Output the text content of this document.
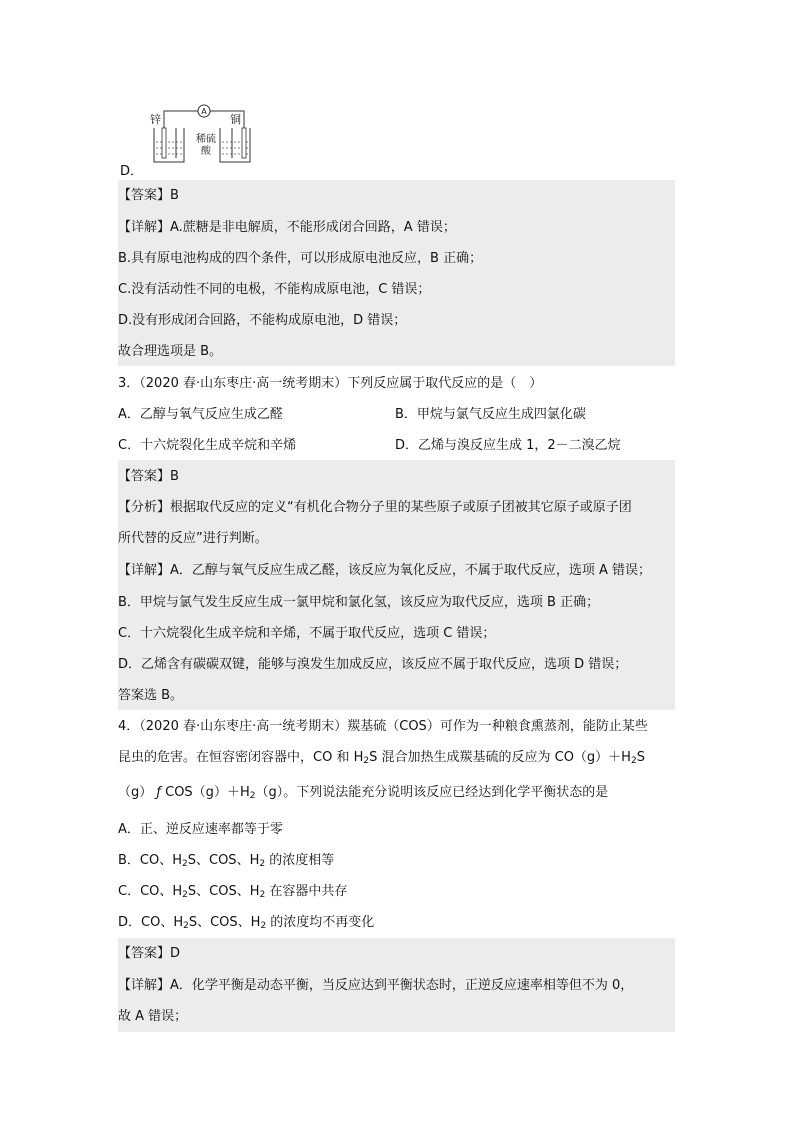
A
锌	铜
稀硫
酸
D．
【答案】B
【详解】A.蔗糖是非电解质，不能形成闭合回路，A 错误；
B.具有原电池构成的四个条件，可以形成原电池反应，B 正确；
C.没有活动性不同的电极，不能构成原电池，C 错误；
D.没有形成闭合回路，不能构成原电池，D 错误；
故合理选项是 B。
3．（2020 春·山东枣庄·高一统考期末）下列反应属于取代反应的是（　）
A．乙醇与氧气反应生成乙醛	B．甲烷与氯气反应生成四氯化碳
C．十六烷裂化生成辛烷和辛烯	D．乙烯与溴反应生成 1，2－二溴乙烷
【答案】B
【分析】根据取代反应的定义“有机化合物分子里的某些原子或原子团被其它原子或原子团
所代替的反应”进行判断。
【详解】A．乙醇与氧气反应生成乙醛，该反应为氧化反应，不属于取代反应，选项 A 错误；
B．甲烷与氯气发生反应生成一氯甲烷和氯化氢，该反应为取代反应，选项 B 正确；
C．十六烷裂化生成辛烷和辛烯，不属于取代反应，选项 C 错误；
D．乙烯含有碳碳双键，能够与溴发生加成反应，该反应不属于取代反应，选项 D 错误；
答案选 B。
4．（2020 春·山东枣庄·高一统考期末）羰基硫（COS）可作为一种粮食熏蒸剂，能防止某些
昆虫的危害。在恒容密闭容器中，CO 和 $H_2S$ 混合加热生成羰基硫的反应为 $CO(g)+H_2S$
（g） ƒ $COS(g)+H_2(g)$。下列说法能充分说明该反应已经达到化学平衡状态的是
A．正、逆反应速率都等于零
B．CO、$H_2S$、COS、$H_2$ 的浓度相等
C．CO、$H_2S$、COS、$H_2$ 在容器中共存
D．CO、$H_2S$、COS、$H_2$ 的浓度均不再变化
【答案】D
【详解】A．化学平衡是动态平衡，当反应达到平衡状态时，正逆反应速率相等但不为 0，
故 A 错误；
